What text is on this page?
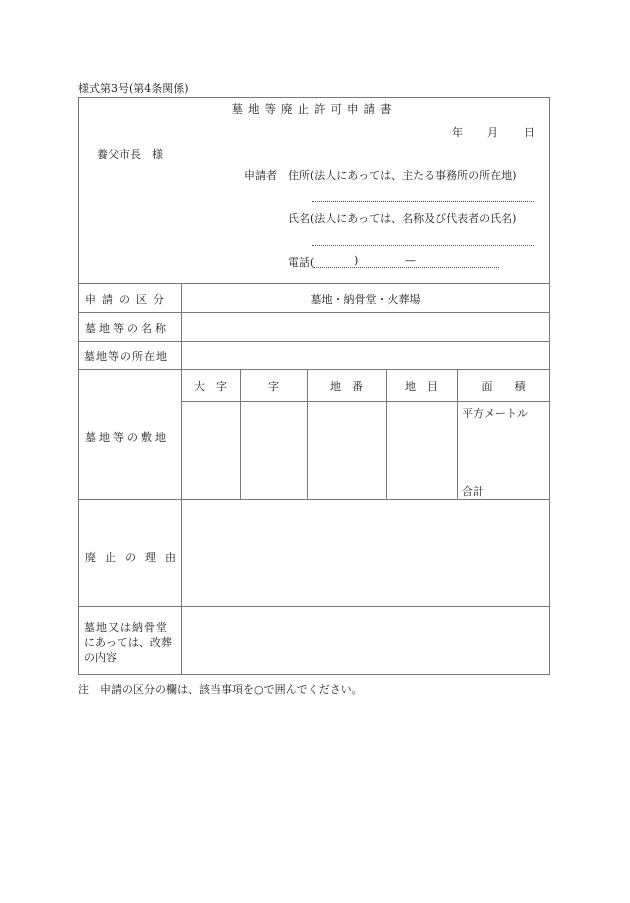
様式第3号(第4条関係)
墓地等廃止許可申請書
年 月 日
養父市長　様
申請者 住所(法人にあっては、主たる事務所の所在地)
氏名(法人にあっては、名称及び代表者の氏名)
電話(	)	—
申請の区分	墓地・納骨堂・火葬場
墓地等の名称
墓地等の所在地
墓地等の敷地
大　字	字	地　番	地　目	面　　積
平方メートル
合計
廃止の理由
墓地又は納骨堂
にあっては、改葬
の内容
注　申請の区分の欄は、該当事項を○で囲んでください。
